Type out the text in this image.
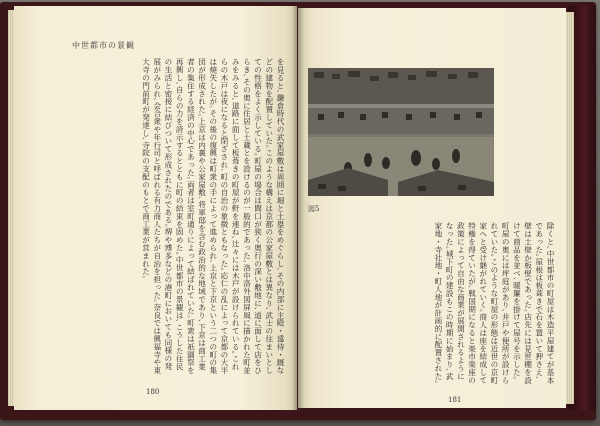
中世都市の景観
を見ると､鎌倉時代の武家屋敷は周囲に堀と土塁をめぐらし､その内部に主殿・遠侍・厩などの建物を配置していた｡このような構えは京都の公家屋敷とは異なり､武士の住まいとしての性格をよく示している｡町屋の場合は間口が狭く奥行の深い敷地に､道に面して店をひらき､その奥に住居と土蔵とを設けるのが一般的であった｡洛中洛外図屏風に描かれた町並みをみると､道路に面して板葺きの町屋が軒を連ね､辻々には木戸が設けられている｡これらの木戸は夜になると閉ざされ､町の自治の象徴ともなった｡応仁の乱によって京都の大半は焼失したが､その後の復興は町衆の手によって進められ､上京と下京という二つの町の集団が形成された｡上京は内裏や公家屋敷､将軍邸を含む政治的な地域であり､下京は商工業者の集住する経済の中心であった｡両者は室町通りによって結ばれていた｡町衆は祇園祭を再興し､自らの力を誇示するとともに町の結束を固めた｡中世都市の景観は､こうした住民の生活と密接に結びついて形成されたのである｡堺や博多などの港町においても同様の発展がみられ､会合衆や年行司と呼ばれる有力商人たちが自治を担った｡奈良では興福寺や東大寺の門前町が発達し､寺院の支配のもとで商工業が営まれた｡
180
図5
除くと､中世都市の町屋は木造平屋建てが基本であった｡屋根は板葺きで石を置いて押さえ､壁は土壁か板壁であった｡店先には見世棚を設けて商品を並べ､暖簾を掛けて屋号を示した｡町屋の奥には坪庭があり､井戸や便所が設けられていた｡このような町屋の形態は近世の京町家へと受け継がれていく｡商人は座を結成して特権を得ていたが､戦国期になると楽市楽座の政策によって自由な商業が展開されるようになった｡城下町の建設もこの時期に始まり､武家地・寺社地・町人地が計画的に配置された｡
181
